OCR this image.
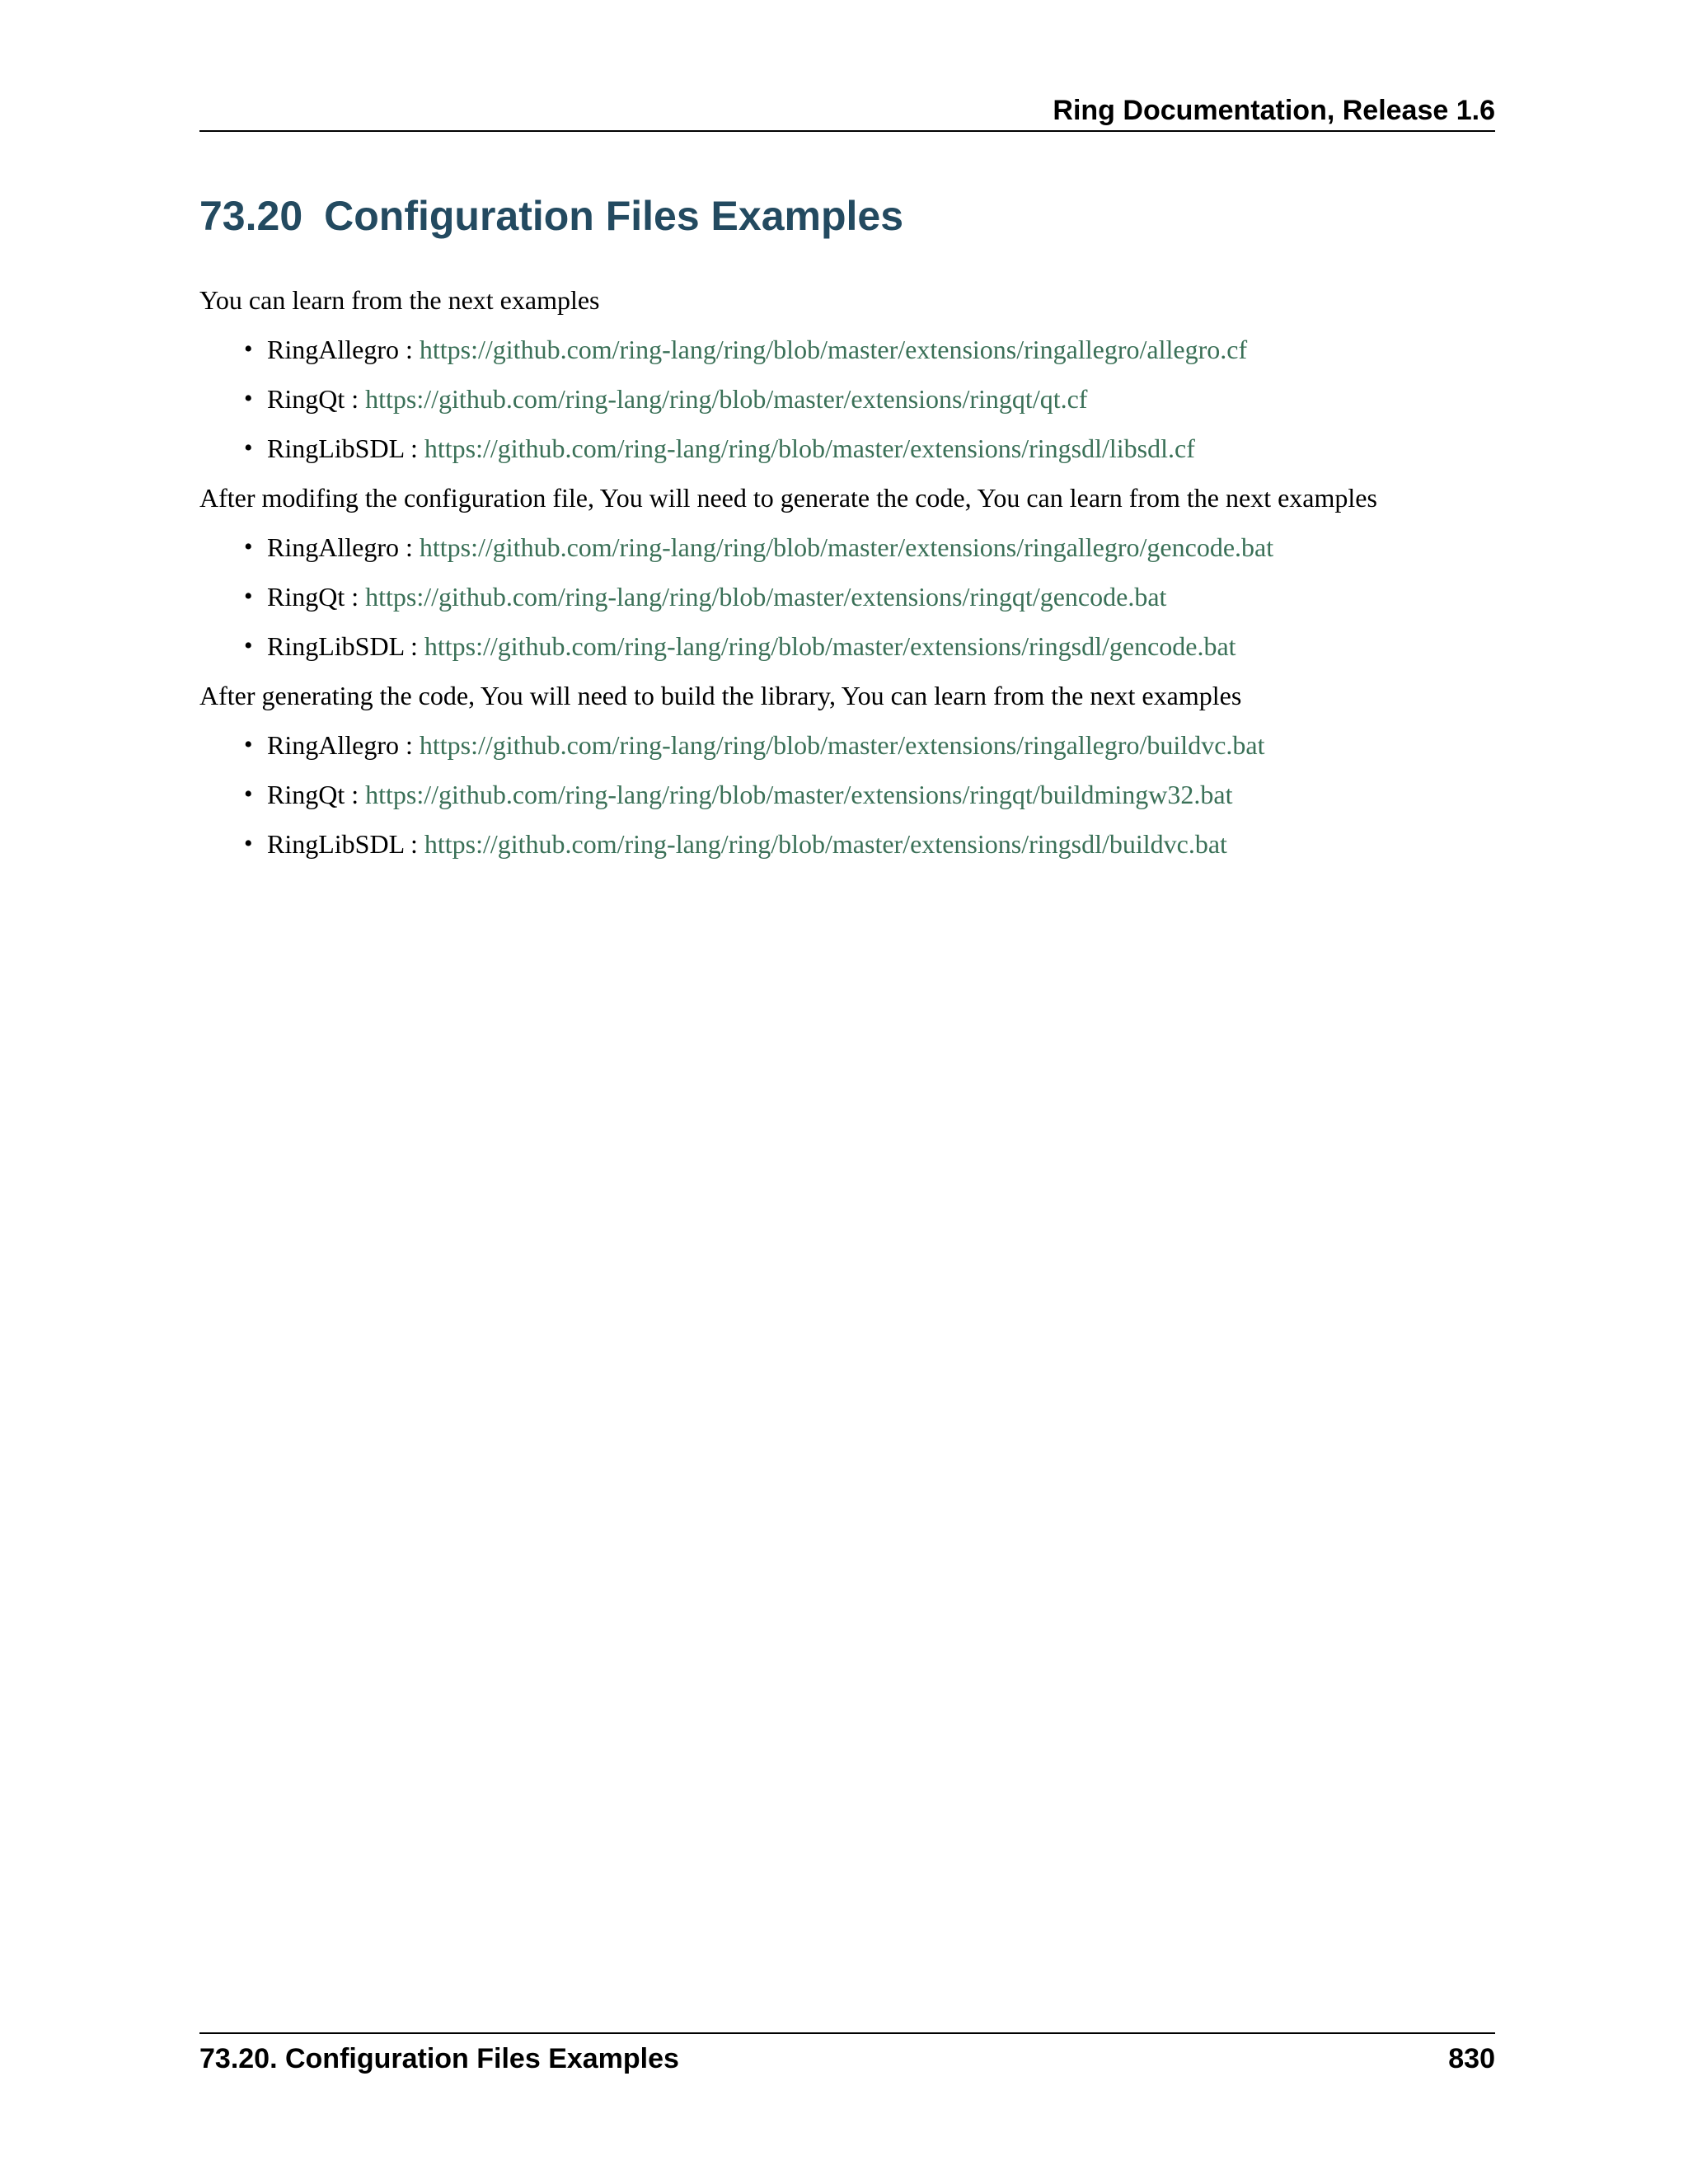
Ring Documentation, Release 1.6
73.20 Configuration Files Examples

You can learn from the next examples

• RingAllegro : https://github.com/ring-lang/ring/blob/master/extensions/ringallegro/allegro.cf
• RingQt : https://github.com/ring-lang/ring/blob/master/extensions/ringqt/qt.cf
• RingLibSDL : https://github.com/ring-lang/ring/blob/master/extensions/ringsdl/libsdl.cf

After modifing the configuration file, You will need to generate the code, You can learn from the next examples

• RingAllegro : https://github.com/ring-lang/ring/blob/master/extensions/ringallegro/gencode.bat
• RingQt : https://github.com/ring-lang/ring/blob/master/extensions/ringqt/gencode.bat
• RingLibSDL : https://github.com/ring-lang/ring/blob/master/extensions/ringsdl/gencode.bat

After generating the code, You will need to build the library, You can learn from the next examples

• RingAllegro : https://github.com/ring-lang/ring/blob/master/extensions/ringallegro/buildvc.bat
• RingQt : https://github.com/ring-lang/ring/blob/master/extensions/ringqt/buildmingw32.bat
• RingLibSDL : https://github.com/ring-lang/ring/blob/master/extensions/ringsdl/buildvc.bat
73.20. Configuration Files Examples	830
